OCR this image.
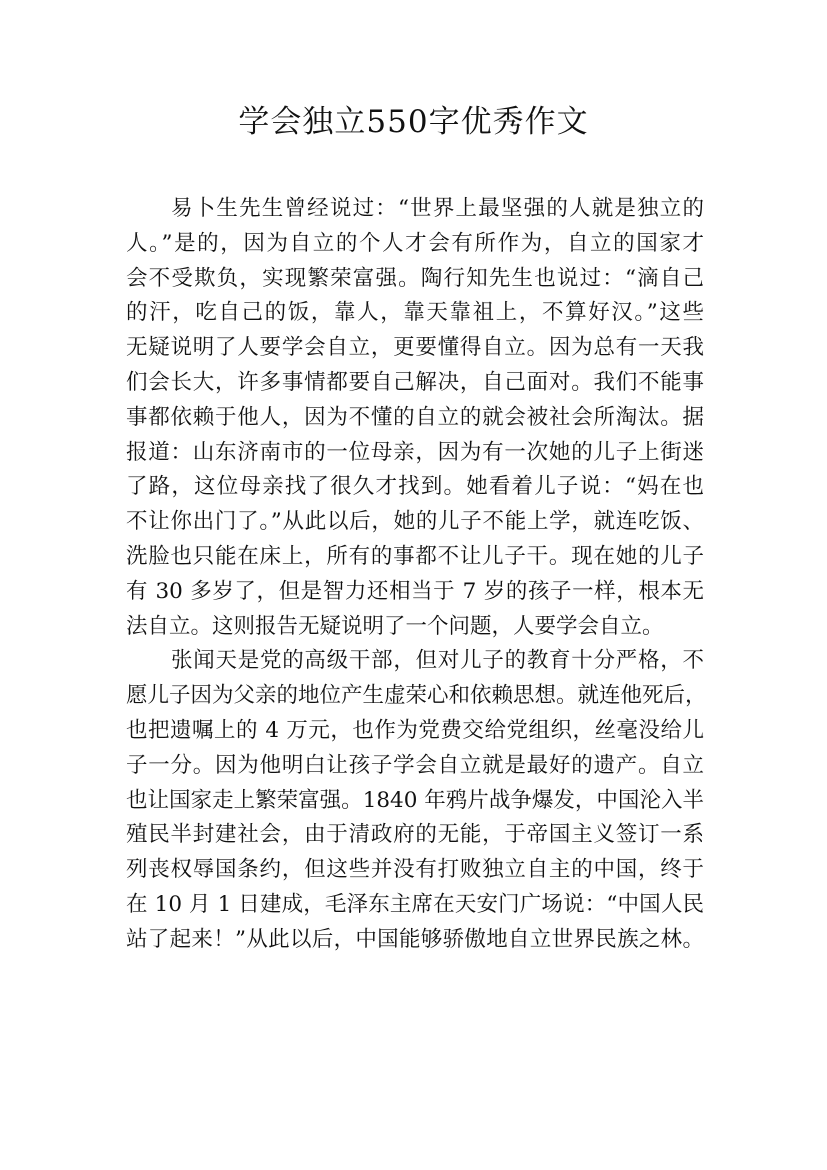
学会独立550字优秀作文
易卜生先生曾经说过：“世界上最坚强的人就是独立的
人。”是的，因为自立的个人才会有所作为，自立的国家才
会不受欺负，实现繁荣富强。陶行知先生也说过：“滴自己
的汗，吃自己的饭，靠人，靠天靠祖上，不算好汉。”这些
无疑说明了人要学会自立，更要懂得自立。因为总有一天我
们会长大，许多事情都要自己解决，自己面对。我们不能事
事都依赖于他人，因为不懂的自立的就会被社会所淘汰。据
报道：山东济南市的一位母亲，因为有一次她的儿子上街迷
了路，这位母亲找了很久才找到。她看着儿子说：“妈在也
不让你出门了。”从此以后，她的儿子不能上学，就连吃饭、
洗脸也只能在床上，所有的事都不让儿子干。现在她的儿子
有 30 多岁了，但是智力还相当于 7 岁的孩子一样，根本无
法自立。这则报告无疑说明了一个问题，人要学会自立。
张闻天是党的高级干部，但对儿子的教育十分严格，不
愿儿子因为父亲的地位产生虚荣心和依赖思想。就连他死后，
也把遗嘱上的 4 万元，也作为党费交给党组织，丝毫没给儿
子一分。因为他明白让孩子学会自立就是最好的遗产。自立
也让国家走上繁荣富强。1840 年鸦片战争爆发，中国沦入半
殖民半封建社会，由于清政府的无能，于帝国主义签订一系
列丧权辱国条约，但这些并没有打败独立自主的中国，终于
在 10 月 1 日建成，毛泽东主席在天安门广场说：“中国人民
站了起来！”从此以后，中国能够骄傲地自立世界民族之林。
